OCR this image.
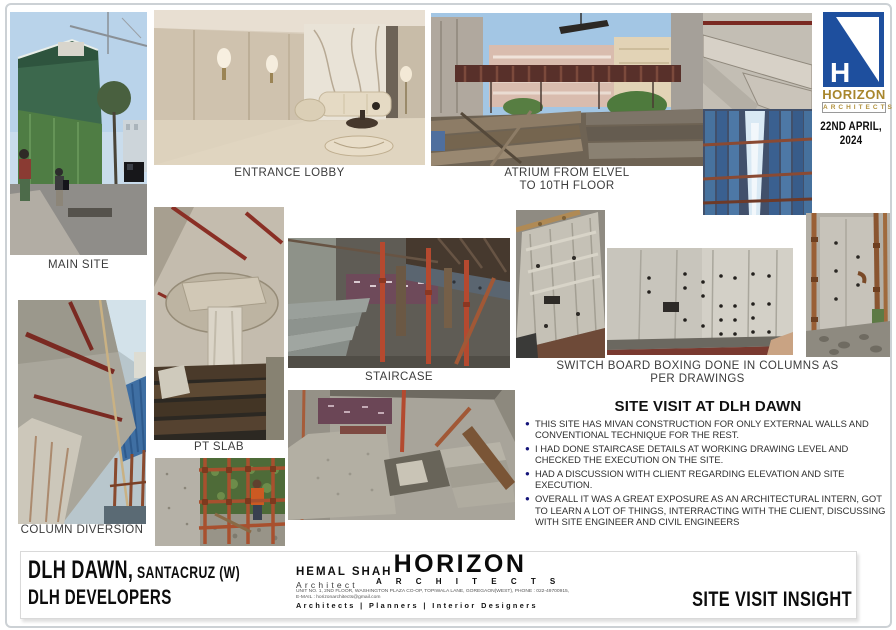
MAIN SITE
ENTRANCE LOBBY	ATRIUM FROM ELVEL
TO 10TH FLOOR
H
HORIZON
ARCHITECTS
22ND APRIL,
2024
PT SLAB
COLUMN DIVERSION
STAIRCASE
SWITCH BOARD BOXING DONE IN COLUMNS AS
PER DRAWINGS
SITE VISIT AT DLH DAWN
● THIS SITE HAS MIVAN CONSTRUCTION FOR ONLY EXTERNAL WALLS AND CONVENTIONAL TECHNIQUE FOR THE REST.
● I HAD DONE STAIRCASE DETAILS AT WORKING DRAWING LEVEL AND CHECKED THE EXECUTION ON THE SITE.
● HAD A DISCUSSION WITH CLIENT REGARDING ELEVATION AND SITE EXECUTION.
● OVERALL IT WAS A GREAT EXPOSURE AS AN ARCHITECTURAL INTERN, GOT TO LEARN A LOT OF THINGS, INTERRACTING WITH THE CLIENT, DISCUSSING WITH SITE ENGINEER AND CIVIL ENGINEERS
DLH DAWN, SANTACRUZ (W)
DLH DEVELOPERS
HEMAL SHAH
Architect
HORIZON
A R C H I T E C T S
UNIT NO. 1, 2ND FLOOR, WASHINGTON PLAZA CO-OP, TOPIWALA LANE, GOREGAON(WEST), PHONE : 022-49700915,
E-MAIL : horizonarchitects@gmail.com
Architects | Planners | Interior Designers	SITE VISIT INSIGHT
